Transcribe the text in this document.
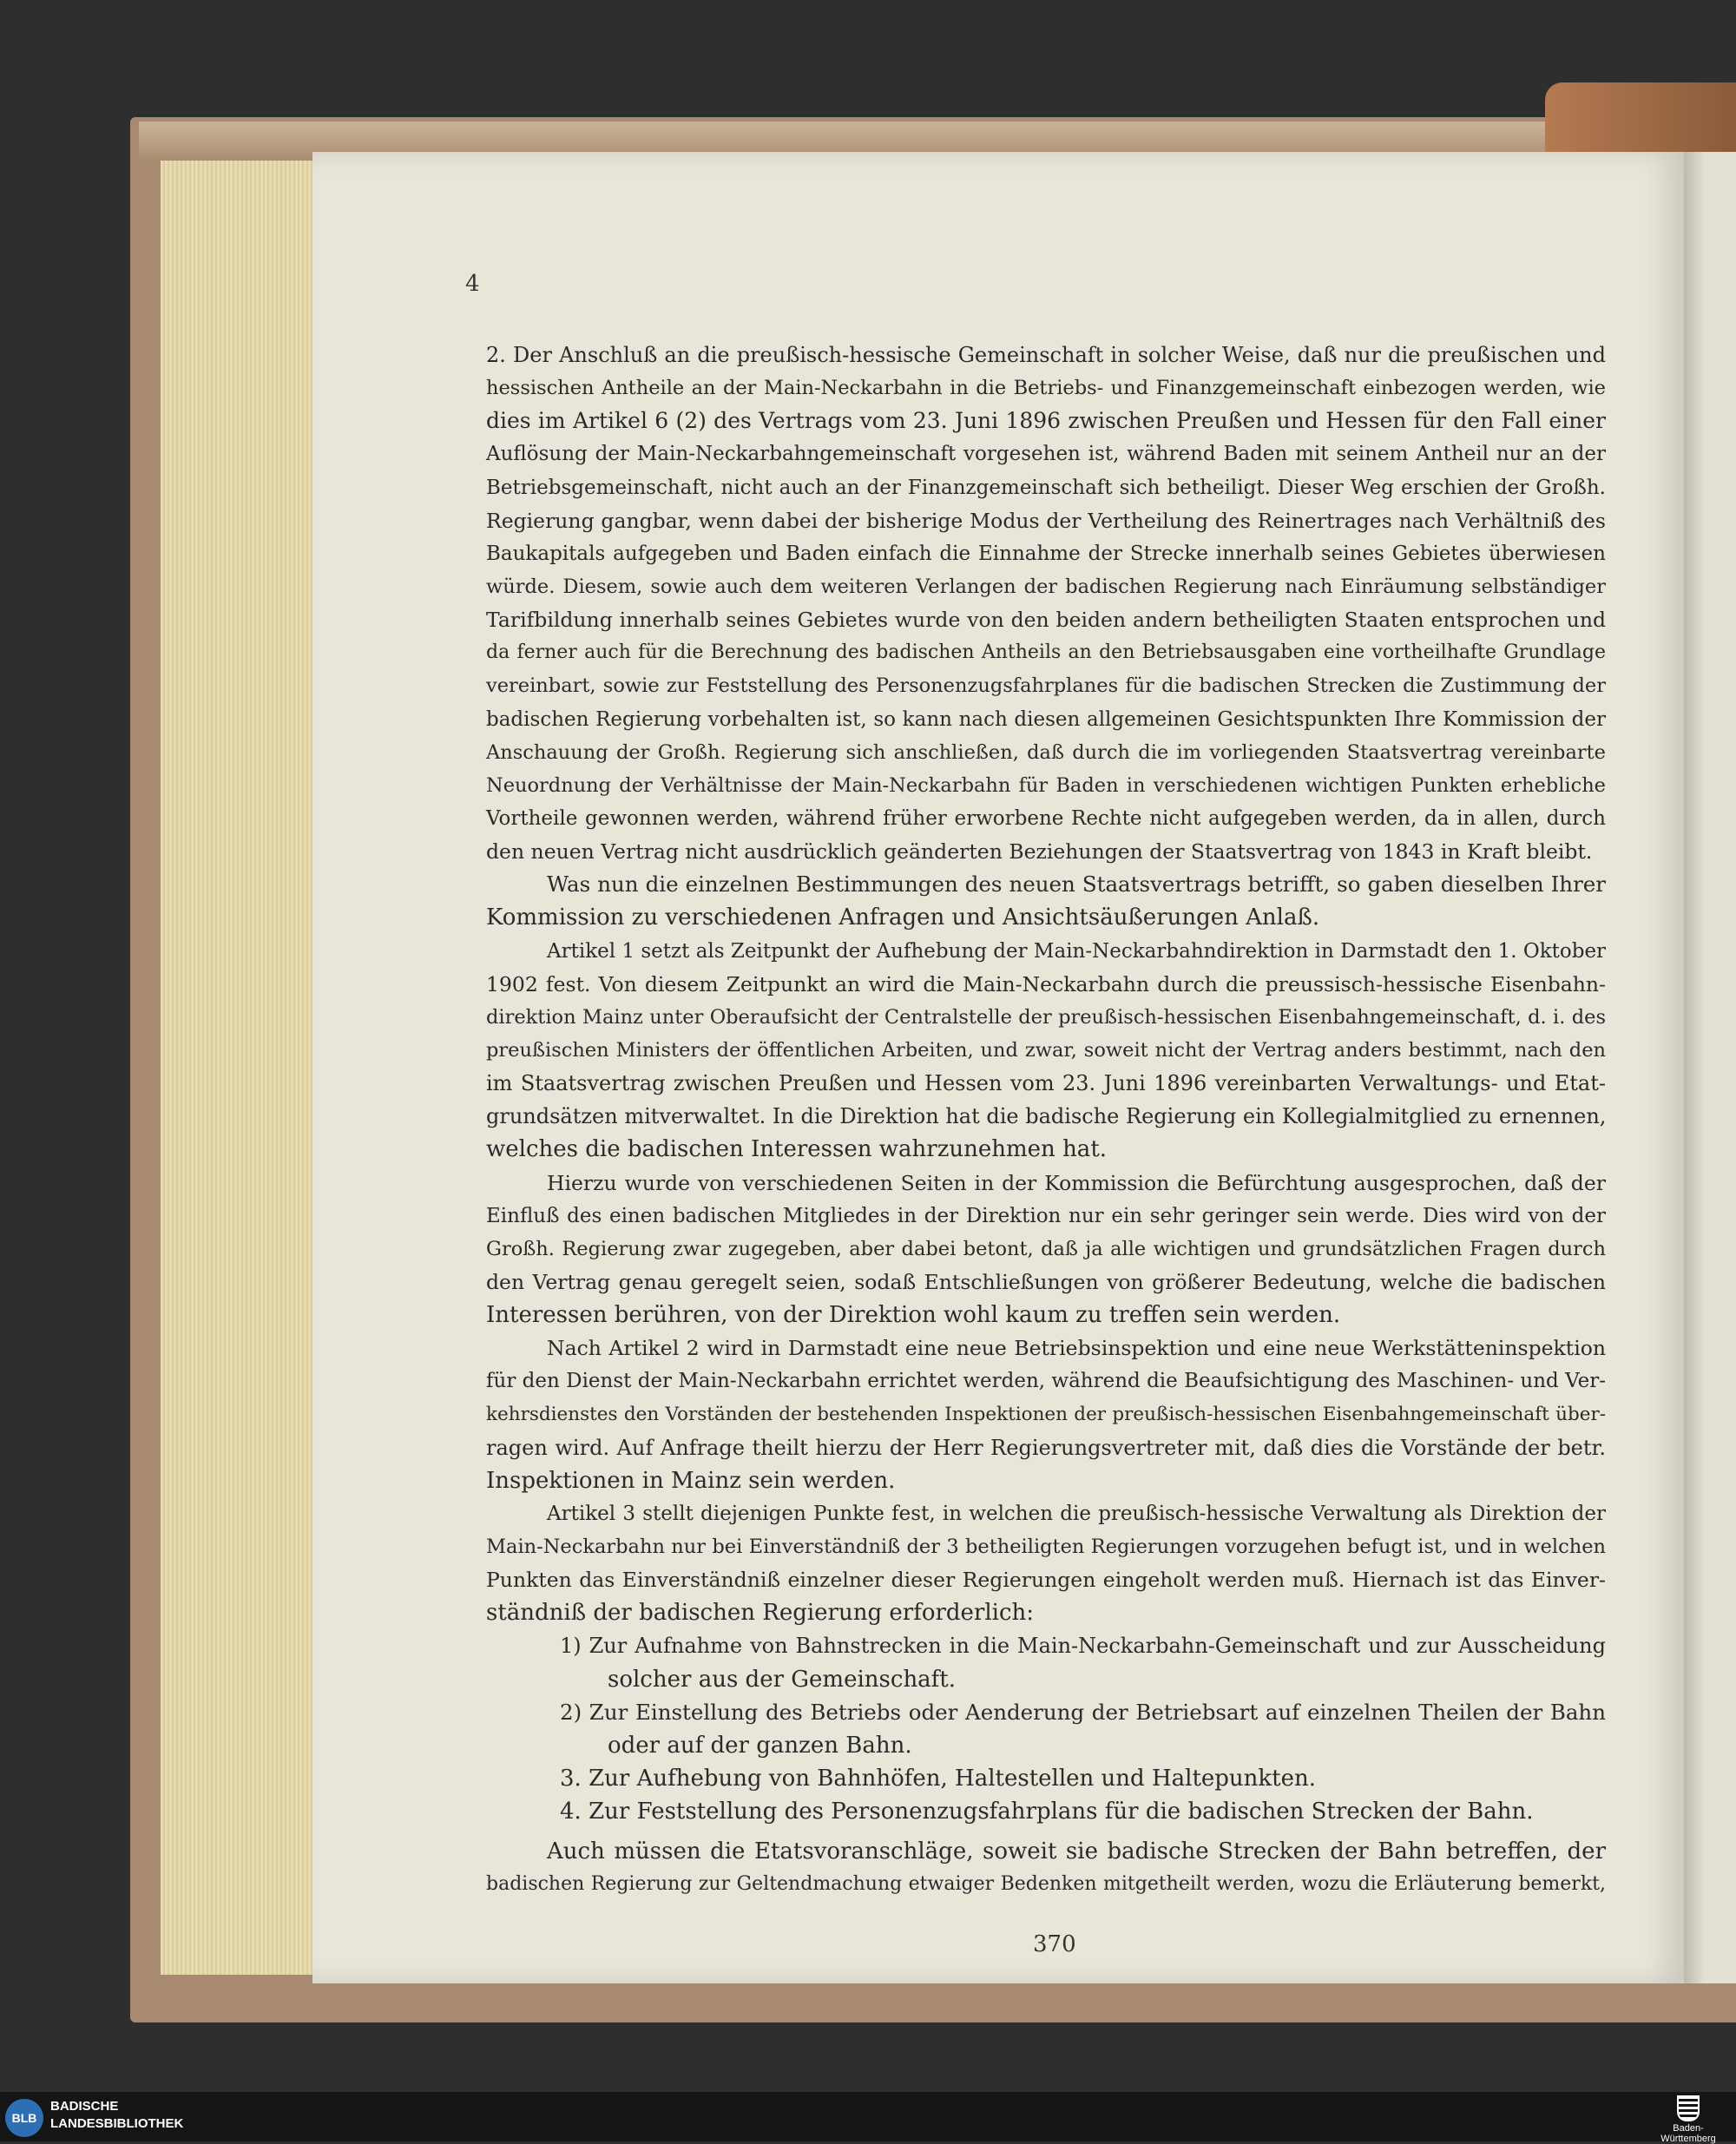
4
2. Der Anschluß an die preußisch-hessische Gemeinschaft in solcher Weise, daß nur die preußischen und
hessischen Antheile an der Main-Neckarbahn in die Betriebs- und Finanzgemeinschaft einbezogen werden, wie
dies im Artikel 6 (2) des Vertrags vom 23. Juni 1896 zwischen Preußen und Hessen für den Fall einer
Auflösung der Main-Neckarbahngemeinschaft vorgesehen ist, während Baden mit seinem Antheil nur an der
Betriebsgemeinschaft, nicht auch an der Finanzgemeinschaft sich betheiligt. Dieser Weg erschien der Großh.
Regierung gangbar, wenn dabei der bisherige Modus der Vertheilung des Reinertrages nach Verhältniß des
Baukapitals aufgegeben und Baden einfach die Einnahme der Strecke innerhalb seines Gebietes überwiesen
würde. Diesem, sowie auch dem weiteren Verlangen der badischen Regierung nach Einräumung selbständiger
Tarifbildung innerhalb seines Gebietes wurde von den beiden andern betheiligten Staaten entsprochen und
da ferner auch für die Berechnung des badischen Antheils an den Betriebsausgaben eine vortheilhafte Grundlage
vereinbart, sowie zur Feststellung des Personenzugsfahrplanes für die badischen Strecken die Zustimmung der
badischen Regierung vorbehalten ist, so kann nach diesen allgemeinen Gesichtspunkten Ihre Kommission der
Anschauung der Großh. Regierung sich anschließen, daß durch die im vorliegenden Staatsvertrag vereinbarte
Neuordnung der Verhältnisse der Main-Neckarbahn für Baden in verschiedenen wichtigen Punkten erhebliche
Vortheile gewonnen werden, während früher erworbene Rechte nicht aufgegeben werden, da in allen, durch
den neuen Vertrag nicht ausdrücklich geänderten Beziehungen der Staatsvertrag von 1843 in Kraft bleibt.
Was nun die einzelnen Bestimmungen des neuen Staatsvertrags betrifft, so gaben dieselben Ihrer
Kommission zu verschiedenen Anfragen und Ansichtsäußerungen Anlaß.
Artikel 1 setzt als Zeitpunkt der Aufhebung der Main-Neckarbahndirektion in Darmstadt den 1. Oktober
1902 fest. Von diesem Zeitpunkt an wird die Main-Neckarbahn durch die preussisch-hessische Eisenbahn-
direktion Mainz unter Oberaufsicht der Centralstelle der preußisch-hessischen Eisenbahngemeinschaft, d. i. des
preußischen Ministers der öffentlichen Arbeiten, und zwar, soweit nicht der Vertrag anders bestimmt, nach den
im Staatsvertrag zwischen Preußen und Hessen vom 23. Juni 1896 vereinbarten Verwaltungs- und Etat-
grundsätzen mitverwaltet. In die Direktion hat die badische Regierung ein Kollegialmitglied zu ernennen,
welches die badischen Interessen wahrzunehmen hat.
Hierzu wurde von verschiedenen Seiten in der Kommission die Befürchtung ausgesprochen, daß der
Einfluß des einen badischen Mitgliedes in der Direktion nur ein sehr geringer sein werde. Dies wird von der
Großh. Regierung zwar zugegeben, aber dabei betont, daß ja alle wichtigen und grundsätzlichen Fragen durch
den Vertrag genau geregelt seien, sodaß Entschließungen von größerer Bedeutung, welche die badischen
Interessen berühren, von der Direktion wohl kaum zu treffen sein werden.
Nach Artikel 2 wird in Darmstadt eine neue Betriebsinspektion und eine neue Werkstätteninspektion
für den Dienst der Main-Neckarbahn errichtet werden, während die Beaufsichtigung des Maschinen- und Ver-
kehrsdienstes den Vorständen der bestehenden Inspektionen der preußisch-hessischen Eisenbahngemeinschaft über-
ragen wird. Auf Anfrage theilt hierzu der Herr Regierungsvertreter mit, daß dies die Vorstände der betr.
Inspektionen in Mainz sein werden.
Artikel 3 stellt diejenigen Punkte fest, in welchen die preußisch-hessische Verwaltung als Direktion der
Main-Neckarbahn nur bei Einverständniß der 3 betheiligten Regierungen vorzugehen befugt ist, und in welchen
Punkten das Einverständniß einzelner dieser Regierungen eingeholt werden muß. Hiernach ist das Einver-
ständniß der badischen Regierung erforderlich:
1) Zur Aufnahme von Bahnstrecken in die Main-Neckarbahn-Gemeinschaft und zur Ausscheidung
solcher aus der Gemeinschaft.
2) Zur Einstellung des Betriebs oder Aenderung der Betriebsart auf einzelnen Theilen der Bahn
oder auf der ganzen Bahn.
3. Zur Aufhebung von Bahnhöfen, Haltestellen und Haltepunkten.
4. Zur Feststellung des Personenzugsfahrplans für die badischen Strecken der Bahn.
Auch müssen die Etatsvoranschläge, soweit sie badische Strecken der Bahn betreffen, der
badischen Regierung zur Geltendmachung etwaiger Bedenken mitgetheilt werden, wozu die Erläuterung bemerkt,
370
BLB
BADISCHE
LANDESBIBLIOTHEK	Baden-Württemberg
